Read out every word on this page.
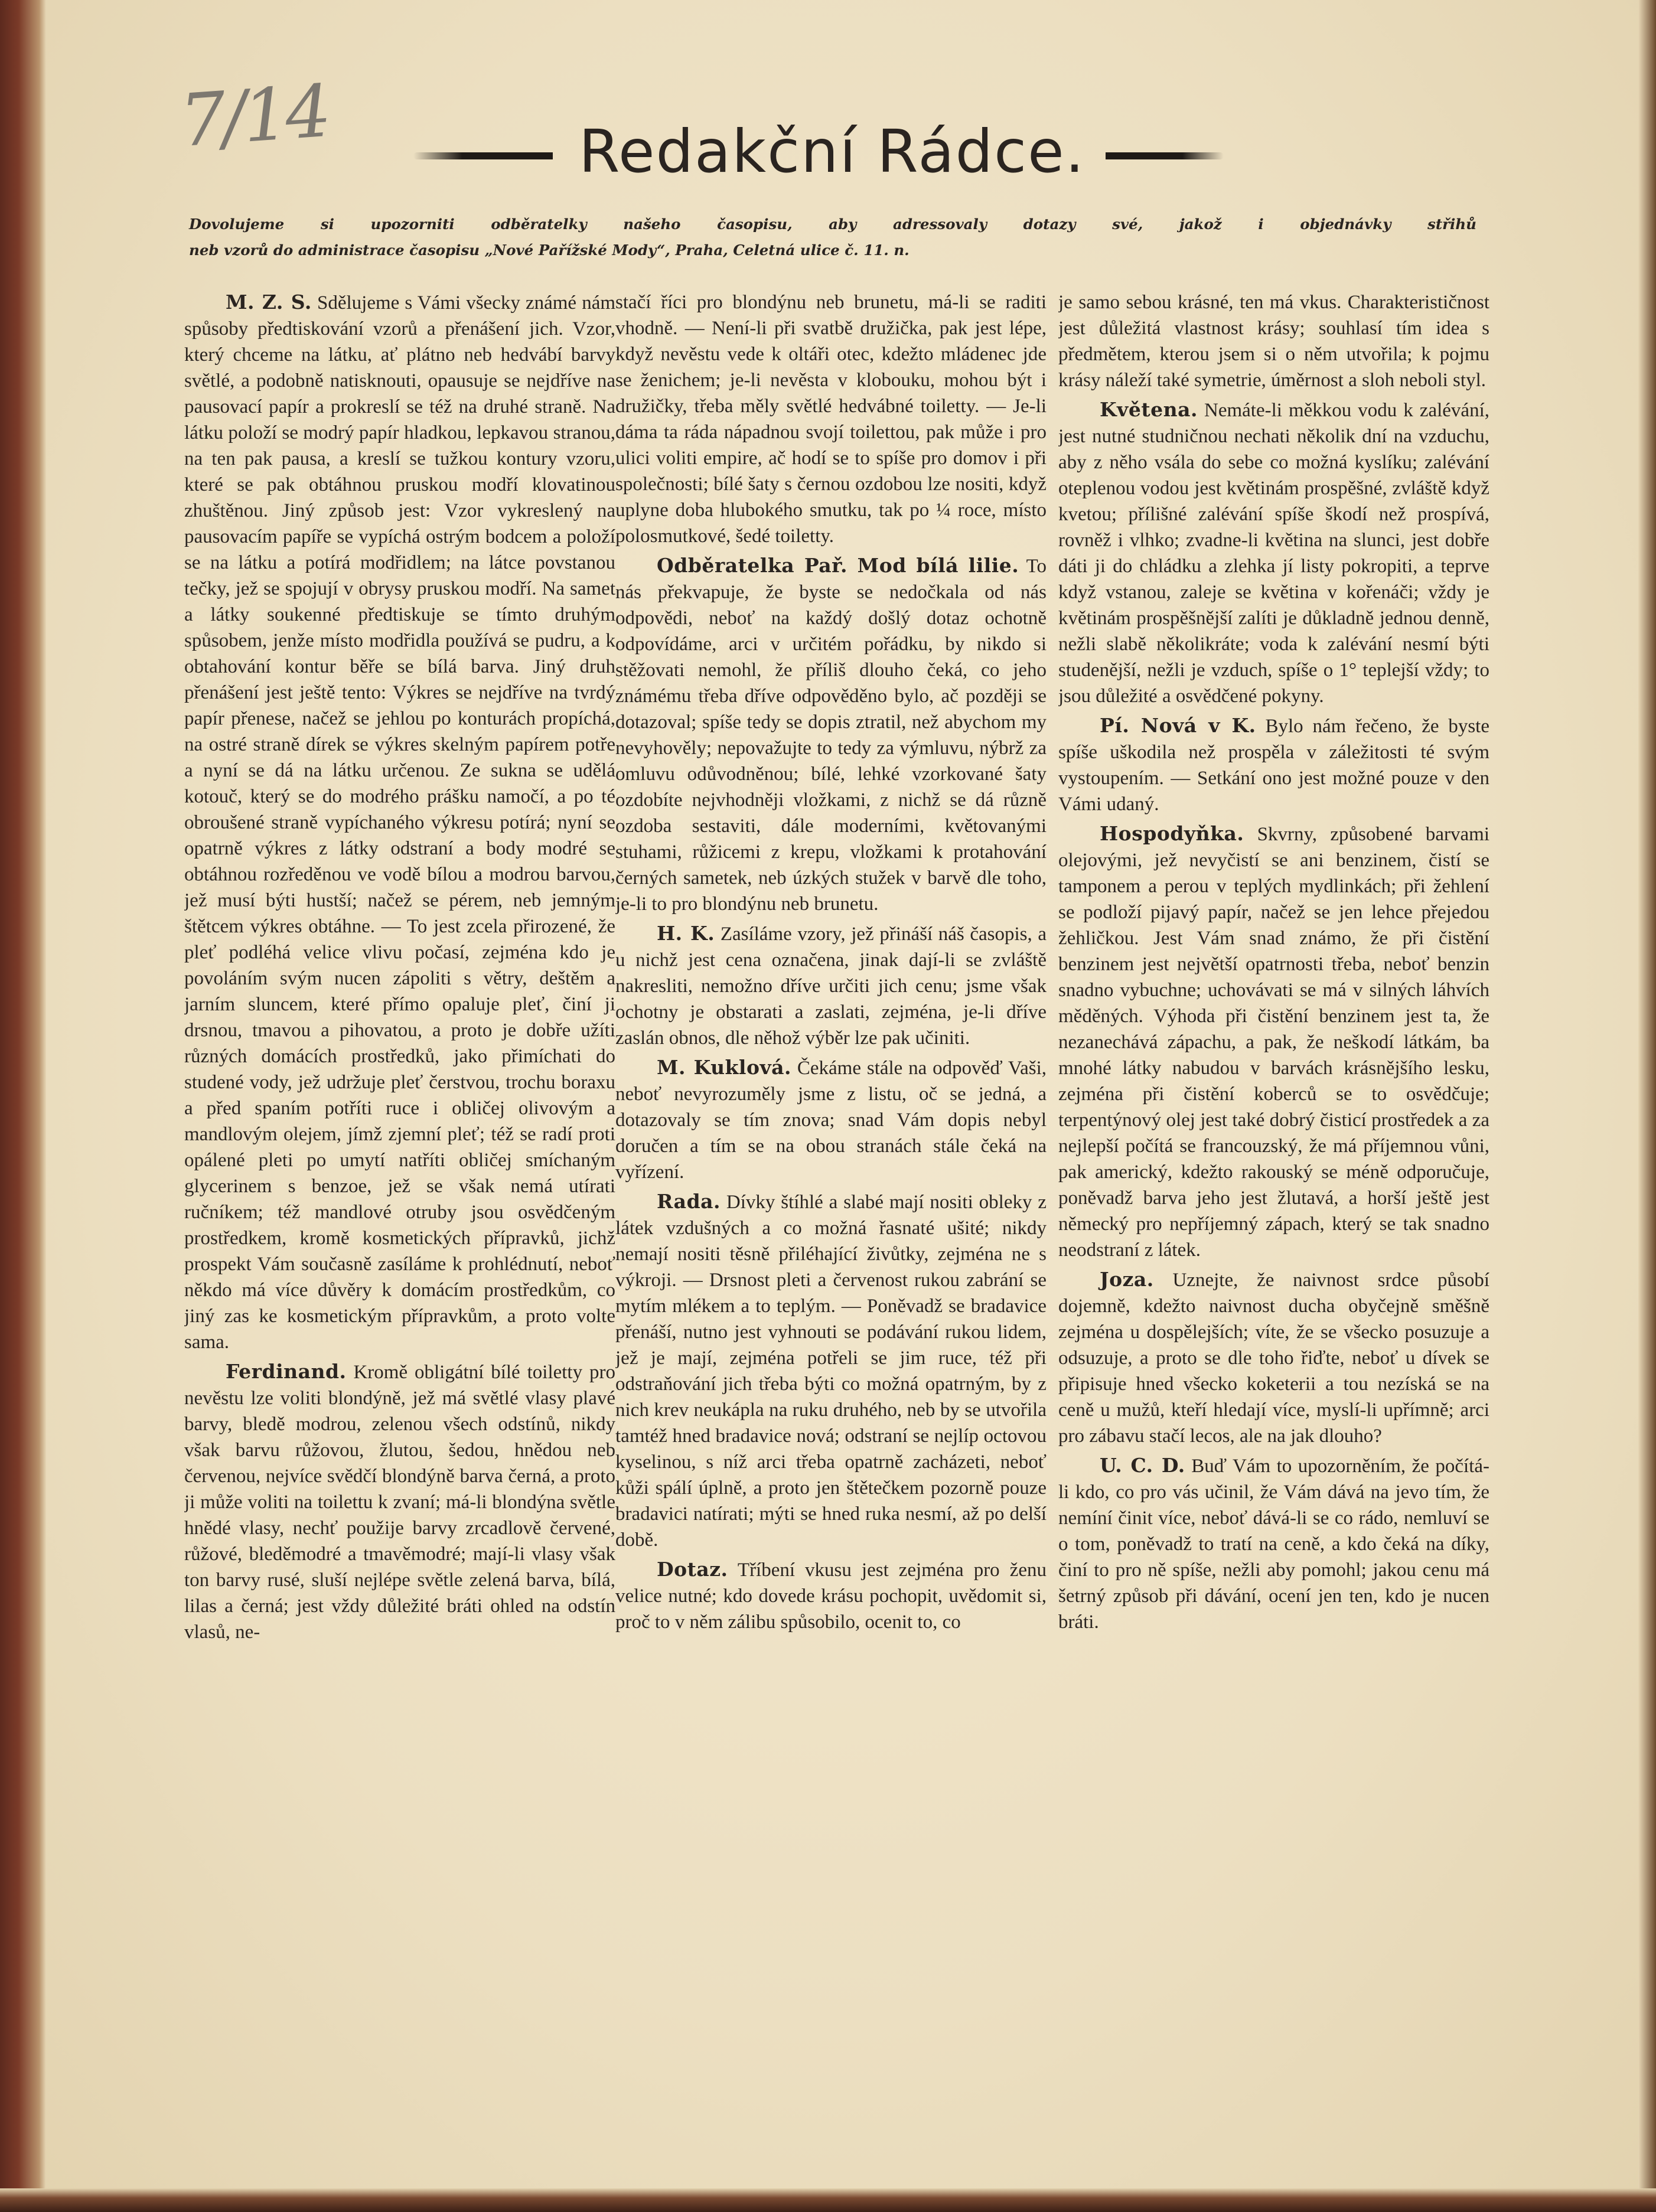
7/14	Redakční Rádce.
Dovolujeme si upozorniti odběratelky našeho časopisu, aby adressovaly dotazy své, jakož i objednávky střihů
neb vzorů do administrace časopisu „Nové Pařížské Mody“, Praha, Celetná ulice č. 11. n.

M. Z. S. Sdělujeme s Vámi všecky známé nám spůsoby předtiskování vzorů a přenášení jich. Vzor, který chceme na látku, ať plátno neb hedvábí barvy světlé, a podobně natisknouti, opausuje se nejdříve na pausovací papír a prokreslí se též na druhé straně. Na látku položí se modrý papír hladkou, lepkavou stranou, na ten pak pausa, a kreslí se tužkou kontury vzoru, které se pak obtáhnou pruskou modří klovatinou zhuštěnou. Jiný způsob jest: Vzor vykreslený na pausovacím papíře se vypíchá ostrým bodcem a položí se na látku a potírá modřidlem; na látce povstanou tečky, jež se spojují v obrysy pruskou modří. Na samet a látky soukenné předtiskuje se tímto druhým spůsobem, jenže místo modřidla používá se pudru, a k obtahování kontur běře se bílá barva. Jiný druh přenášení jest ještě tento: Výkres se nejdříve na tvrdý papír přenese, načež se jehlou po konturách propíchá, na ostré straně dírek se výkres skelným papírem potře a nyní se dá na látku určenou. Ze sukna se udělá kotouč, který se do modrého prášku namočí, a po té obroušené straně vypíchaného výkresu potírá; nyní se opatrně výkres z látky odstraní a body modré se obtáhnou rozředěnou ve vodě bílou a modrou barvou, jež musí býti hustší; načež se pérem, neb jemným štětcem výkres obtáhne. — To jest zcela přirozené, že pleť podléhá velice vlivu počasí, zejména kdo je povoláním svým nucen zápoliti s větry, deštěm a jarním sluncem, které přímo opaluje pleť, činí ji drsnou, tmavou a pihovatou, a proto je dobře užíti různých domácích prostředků, jako přimíchati do studené vody, jež udržuje pleť čerstvou, trochu boraxu a před spaním potříti ruce i obličej olivovým a mandlovým olejem, jímž zjemní pleť; též se radí proti opálené pleti po umytí natříti obličej smíchaným glycerinem s benzoe, jež se však nemá utírati ručníkem; též mandlové otruby jsou osvědčeným prostředkem, kromě kosmetických přípravků, jichž prospekt Vám současně zasíláme k prohlédnutí, neboť někdo má více důvěry k domácím prostředkům, co jiný zas ke kosmetickým přípravkům, a proto volte sama.

Ferdinand. Kromě obligátní bílé toiletty pro nevěstu lze voliti blondýně, jež má světlé vlasy plavé barvy, bledě modrou, zelenou všech odstínů, nikdy však barvu růžovou, žlutou, šedou, hnědou neb červenou, nejvíce svědčí blondýně barva černá, a proto ji může voliti na toilettu k zvaní; má-li blondýna světle hnědé vlasy, nechť použije barvy zrcadlově červené, růžové, bleděmodré a tmavěmodré; mají-li vlasy však ton barvy rusé, sluší nejlépe světle zelená barva, bílá, lilas a černá; jest vždy důležité bráti ohled na odstín vlasů, ne-

stačí říci pro blondýnu neb brunetu, má-li se raditi vhodně. — Není-li při svatbě družička, pak jest lépe, když nevěstu vede k oltáři otec, kdežto mládenec jde se ženichem; je-li nevěsta v klobouku, mohou být i družičky, třeba měly světlé hedvábné toiletty. — Je-li dáma ta ráda nápadnou svojí toilettou, pak může i pro ulici voliti empire, ač hodí se to spíše pro domov i při společnosti; bílé šaty s černou ozdobou lze nositi, když uplyne doba hlubokého smutku, tak po ¼ roce, místo polosmutkové, šedé toiletty.

Odběratelka Pař. Mod bílá lilie. To nás překvapuje, že byste se nedočkala od nás odpovědi, neboť na každý došlý dotaz ochotně odpovídáme, arci v určitém pořádku, by nikdo si stěžovati nemohl, že příliš dlouho čeká, co jeho známému třeba dříve odpověděno bylo, ač později se dotazoval; spíše tedy se dopis ztratil, než abychom my nevyhověly; nepovažujte to tedy za výmluvu, nýbrž za omluvu odůvodněnou; bílé, lehké vzorkované šaty ozdobíte nejvhodněji vložkami, z nichž se dá různě ozdoba sestaviti, dále moderními, květovanými stuhami, růžicemi z krepu, vložkami k protahování černých sametek, neb úzkých stužek v barvě dle toho, je-li to pro blondýnu neb brunetu.

H. K. Zasíláme vzory, jež přináší náš časopis, a u nichž jest cena označena, jinak dají-li se zvláště nakresliti, nemožno dříve určiti jich cenu; jsme však ochotny je obstarati a zaslati, zejména, je-li dříve zaslán obnos, dle něhož výběr lze pak učiniti.

M. Kuklová. Čekáme stále na odpověď Vaši, neboť nevyrozuměly jsme z listu, oč se jedná, a dotazovaly se tím znova; snad Vám dopis nebyl doručen a tím se na obou stranách stále čeká na vyřízení.

Rada. Dívky štíhlé a slabé mají nositi obleky z látek vzdušných a co možná řasnaté ušité; nikdy nemají nositi těsně přiléhající živůtky, zejména ne s výkroji. — Drsnost pleti a červenost rukou zabrání se mytím mlékem a to teplým. — Poněvadž se bradavice přenáší, nutno jest vyhnouti se podávání rukou lidem, jež je mají, zejména potřeli se jim ruce, též při odstraňování jich třeba býti co možná opatrným, by z nich krev neukápla na ruku druhého, neb by se utvořila tamtéž hned bradavice nová; odstraní se nejlíp octovou kyselinou, s níž arci třeba opatrně zacházeti, neboť kůži spálí úplně, a proto jen štětečkem pozorně pouze bradavici natírati; mýti se hned ruka nesmí, až po delší době.

Dotaz. Tříbení vkusu jest zejména pro ženu velice nutné; kdo dovede krásu pochopit, uvědomit si, proč to v něm zálibu spůsobilo, ocenit to, co

je samo sebou krásné, ten má vkus. Charakterističnost jest důležitá vlastnost krásy; souhlasí tím idea s předmětem, kterou jsem si o něm utvořila; k pojmu krásy náleží také symetrie, úměrnost a sloh neboli styl.

Květena. Nemáte-li měkkou vodu k zalévání, jest nutné studničnou nechati několik dní na vzduchu, aby z něho vsála do sebe co možná kyslíku; zalévání oteplenou vodou jest květinám prospěšné, zvláště když kvetou; přílišné zalévání spíše škodí než prospívá, rovněž i vlhko; zvadne-li květina na slunci, jest dobře dáti ji do chládku a zlehka jí listy pokropiti, a teprve když vstanou, zaleje se květina v kořenáči; vždy je květinám prospěšnější zalíti je důkladně jednou denně, nežli slabě několikráte; voda k zalévání nesmí býti studenější, nežli je vzduch, spíše o 1° teplejší vždy; to jsou důležité a osvědčené pokyny.

Pí. Nová v K. Bylo nám řečeno, že byste spíše uškodila než prospěla v záležitosti té svým vystoupením. — Setkání ono jest možné pouze v den Vámi udaný.

Hospodyňka. Skvrny, způsobené barvami olejovými, jež nevyčistí se ani benzinem, čistí se tamponem a perou v teplých mydlinkách; při žehlení se podloží pijavý papír, načež se jen lehce přejedou žehličkou. Jest Vám snad známo, že při čistění benzinem jest největší opatrnosti třeba, neboť benzin snadno vybuchne; uchovávati se má v silných láhvích měděných. Výhoda při čistění benzinem jest ta, že nezanechává zápachu, a pak, že neškodí látkám, ba mnohé látky nabudou v barvách krásnějšího lesku, zejména při čistění koberců se to osvědčuje; terpentýnový olej jest také dobrý čisticí prostředek a za nejlepší počítá se francouzský, že má příjemnou vůni, pak americký, kdežto rakouský se méně odporučuje, poněvadž barva jeho jest žlutavá, a horší ještě jest německý pro nepříjemný zápach, který se tak snadno neodstraní z látek.

Joza. Uznejte, že naivnost srdce působí dojemně, kdežto naivnost ducha obyčejně směšně zejména u dospělejších; víte, že se všecko posuzuje a odsuzuje, a proto se dle toho řiďte, neboť u dívek se připisuje hned všecko koketerii a tou nezíská se na ceně u mužů, kteří hledají více, myslí-li upřímně; arci pro zábavu stačí lecos, ale na jak dlouho?

U. C. D. Buď Vám to upozorněním, že počítá-li kdo, co pro vás učinil, že Vám dává na jevo tím, že nemíní činit více, neboť dává-li se co rádo, nemluví se o tom, poněvadž to tratí na ceně, a kdo čeká na díky, činí to pro ně spíše, nežli aby pomohl; jakou cenu má šetrný způsob při dávání, ocení jen ten, kdo je nucen bráti.
